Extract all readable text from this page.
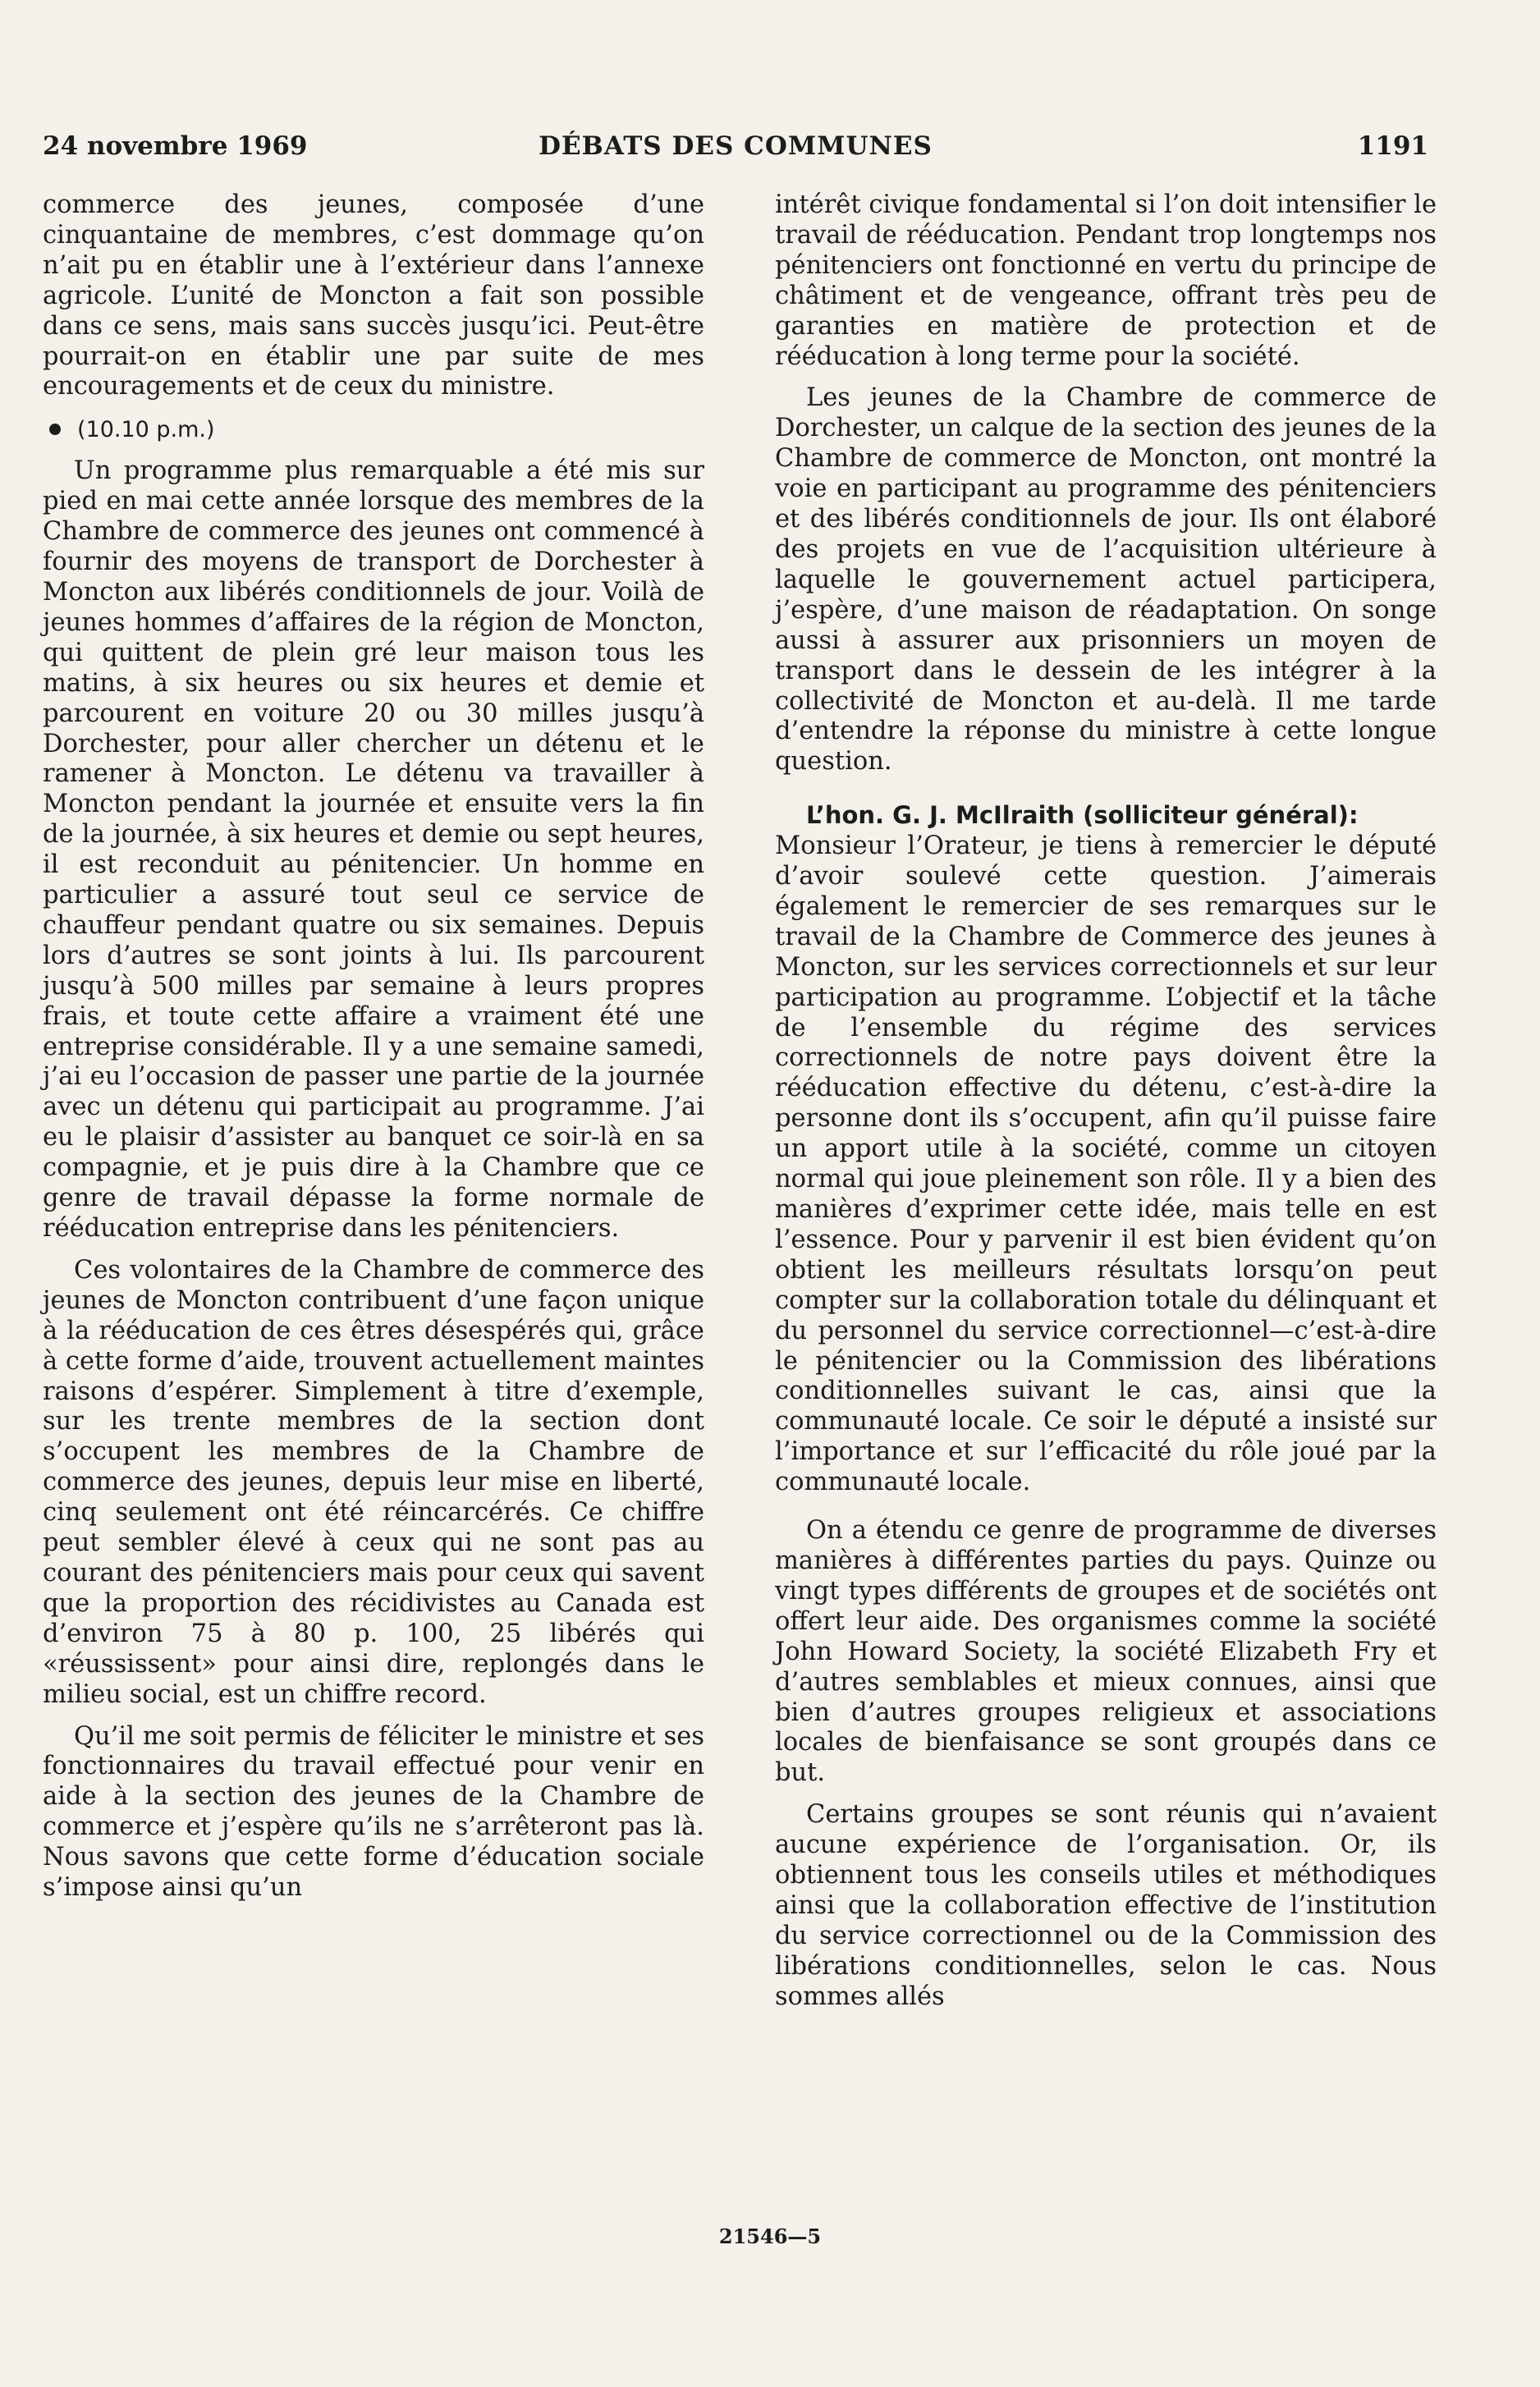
24 novembre 1969	DÉBATS DES COMMUNES	1191

commerce des jeunes, composée d’une cinquantaine de membres, c’est dommage qu’on n’ait pu en établir une à l’extérieur dans l’annexe agricole. L’unité de Moncton a fait son possible dans ce sens, mais sans succès jusqu’ici. Peut-être pourrait-on en établir une par suite de mes encouragements et de ceux du ministre.

(10.10 p.m.)

Un programme plus remarquable a été mis sur pied en mai cette année lorsque des membres de la Chambre de commerce des jeunes ont commencé à fournir des moyens de transport de Dorchester à Moncton aux libérés conditionnels de jour. Voilà de jeunes hommes d’affaires de la région de Moncton, qui quittent de plein gré leur maison tous les matins, à six heures ou six heures et demie et parcourent en voiture 20 ou 30 milles jusqu’à Dorchester, pour aller chercher un détenu et le ramener à Moncton. Le détenu va travailler à Moncton pendant la journée et ensuite vers la fin de la journée, à six heures et demie ou sept heures, il est reconduit au pénitencier. Un homme en particulier a assuré tout seul ce service de chauffeur pendant quatre ou six semaines. Depuis lors d’autres se sont joints à lui. Ils parcourent jusqu’à 500 milles par semaine à leurs propres frais, et toute cette affaire a vraiment été une entreprise considérable. Il y a une semaine samedi, j’ai eu l’occasion de passer une partie de la journée avec un détenu qui participait au programme. J’ai eu le plaisir d’assister au banquet ce soir-là en sa compagnie, et je puis dire à la Chambre que ce genre de travail dépasse la forme normale de rééducation entreprise dans les pénitenciers.

Ces volontaires de la Chambre de commerce des jeunes de Moncton contribuent d’une façon unique à la rééducation de ces êtres désespérés qui, grâce à cette forme d’aide, trouvent actuellement maintes raisons d’espérer. Simplement à titre d’exemple, sur les trente membres de la section dont s’occupent les membres de la Chambre de commerce des jeunes, depuis leur mise en liberté, cinq seulement ont été réincarcérés. Ce chiffre peut sembler élevé à ceux qui ne sont pas au courant des pénitenciers mais pour ceux qui savent que la proportion des récidivistes au Canada est d’environ 75 à 80 p. 100, 25 libérés qui «réussissent» pour ainsi dire, replongés dans le milieu social, est un chiffre record.

Qu’il me soit permis de féliciter le ministre et ses fonctionnaires du travail effectué pour venir en aide à la section des jeunes de la Chambre de commerce et j’espère qu’ils ne s’arrêteront pas là. Nous savons que cette forme d’éducation sociale s’impose ainsi qu’un

intérêt civique fondamental si l’on doit intensifier le travail de rééducation. Pendant trop longtemps nos pénitenciers ont fonctionné en vertu du principe de châtiment et de vengeance, offrant très peu de garanties en matière de protection et de rééducation à long terme pour la société.

Les jeunes de la Chambre de commerce de Dorchester, un calque de la section des jeunes de la Chambre de commerce de Moncton, ont montré la voie en participant au programme des pénitenciers et des libérés conditionnels de jour. Ils ont élaboré des projets en vue de l’acquisition ultérieure à laquelle le gouvernement actuel participera, j’espère, d’une maison de réadaptation. On songe aussi à assurer aux prisonniers un moyen de transport dans le dessein de les intégrer à la collectivité de Moncton et au-delà. Il me tarde d’entendre la réponse du ministre à cette longue question.

L’hon. G. J. McIlraith (solliciteur général):
Monsieur l’Orateur, je tiens à remercier le député d’avoir soulevé cette question. J’aimerais également le remercier de ses remarques sur le travail de la Chambre de Commerce des jeunes à Moncton, sur les services correctionnels et sur leur participation au programme. L’objectif et la tâche de l’ensemble du régime des services correctionnels de notre pays doivent être la rééducation effective du détenu, c’est-à-dire la personne dont ils s’occupent, afin qu’il puisse faire un apport utile à la société, comme un citoyen normal qui joue pleinement son rôle. Il y a bien des manières d’exprimer cette idée, mais telle en est l’essence. Pour y parvenir il est bien évident qu’on obtient les meilleurs résultats lorsqu’on peut compter sur la collaboration totale du délinquant et du personnel du service correctionnel—c’est-à-dire le pénitencier ou la Commission des libérations conditionnelles suivant le cas, ainsi que la communauté locale. Ce soir le député a insisté sur l’importance et sur l’efficacité du rôle joué par la communauté locale.

On a étendu ce genre de programme de diverses manières à différentes parties du pays. Quinze ou vingt types différents de groupes et de sociétés ont offert leur aide. Des organismes comme la société John Howard Society, la société Elizabeth Fry et d’autres semblables et mieux connues, ainsi que bien d’autres groupes religieux et associations locales de bienfaisance se sont groupés dans ce but.

Certains groupes se sont réunis qui n’avaient aucune expérience de l’organisation. Or, ils obtiennent tous les conseils utiles et méthodiques ainsi que la collaboration effective de l’institution du service correctionnel ou de la Commission des libérations conditionnelles, selon le cas. Nous sommes allés

21546—5
